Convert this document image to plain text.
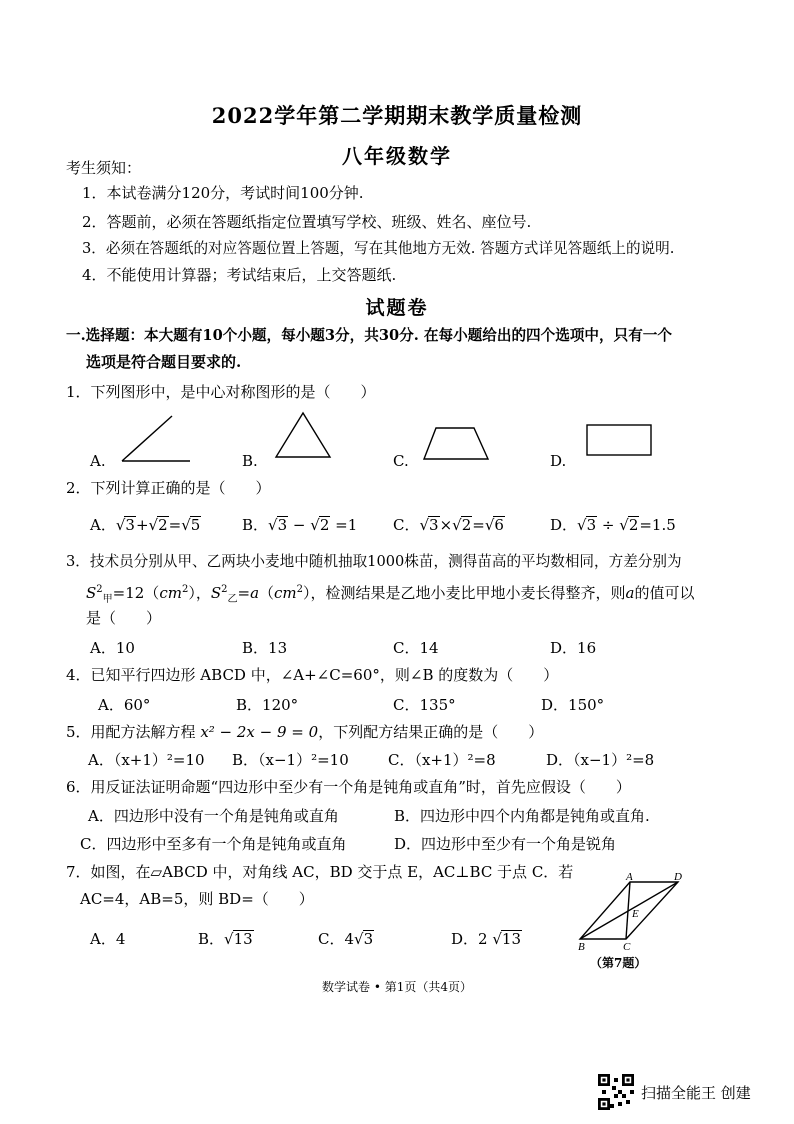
2022学年第二学期期末教学质量检测
八年级数学
考生须知：
1．本试卷满分120分，考试时间100分钟.
2．答题前，必须在答题纸指定位置填写学校、班级、姓名、座位号.
3．必须在答题纸的对应答题位置上答题，写在其他地方无效. 答题方式详见答题纸上的说明.
4．不能使用计算器；考试结束后，上交答题纸.
试题卷
一.选择题：本大题有10个小题，每小题3分，共30分. 在每小题给出的四个选项中，只有一个
选项是符合题目要求的.
1．下列图形中，是中心对称图形的是（　　）
A.	B.	C.	D.
2．下列计算正确的是（　　）
A．√3+√2=√5	B．√3 − √2 =1 C．√3×√2=√6	D．√3 ÷ √2=1.5
3．技术员分别从甲、乙两块小麦地中随机抽取1000株苗，测得苗高的平均数相同，方差分别为
$S^2_甲=12(cm^2)$，$S^2_乙=a(cm^2)$，检测结果是乙地小麦比甲地小麦长得整齐，则a的值可以
是（　　）
A．10	B．13	C．14	D．16
4．已知平行四边形 ABCD 中，∠A+∠C=60°，则∠B 的度数为（　　）
A．60°	B．120°	C．135°	D．150°
5．用配方法解方程 x² − 2x − 9 = 0，下列配方结果正确的是（　　）
A．（x+1）²=10 B．（x−1）²=10	C．（x+1）²=8	D．（x−1）²=8
6．用反证法证明命题“四边形中至少有一个角是钝角或直角”时，首先应假设（　　）
A．四边形中没有一个角是钝角或直角	B．四边形中四个内角都是钝角或直角.
C．四边形中至多有一个角是钝角或直角	D．四边形中至少有一个角是锐角
7．如图，在▱ABCD 中，对角线 AC，BD 交于点 E，AC⊥BC 于点 C．若
AC=4，AB=5，则 BD=（　　）
A．4	B．√13	C．4√3	D．2 √13
A	D
E
B	C
（第7题）
数学试卷 • 第1页（共4页）
扫描全能王 创建
